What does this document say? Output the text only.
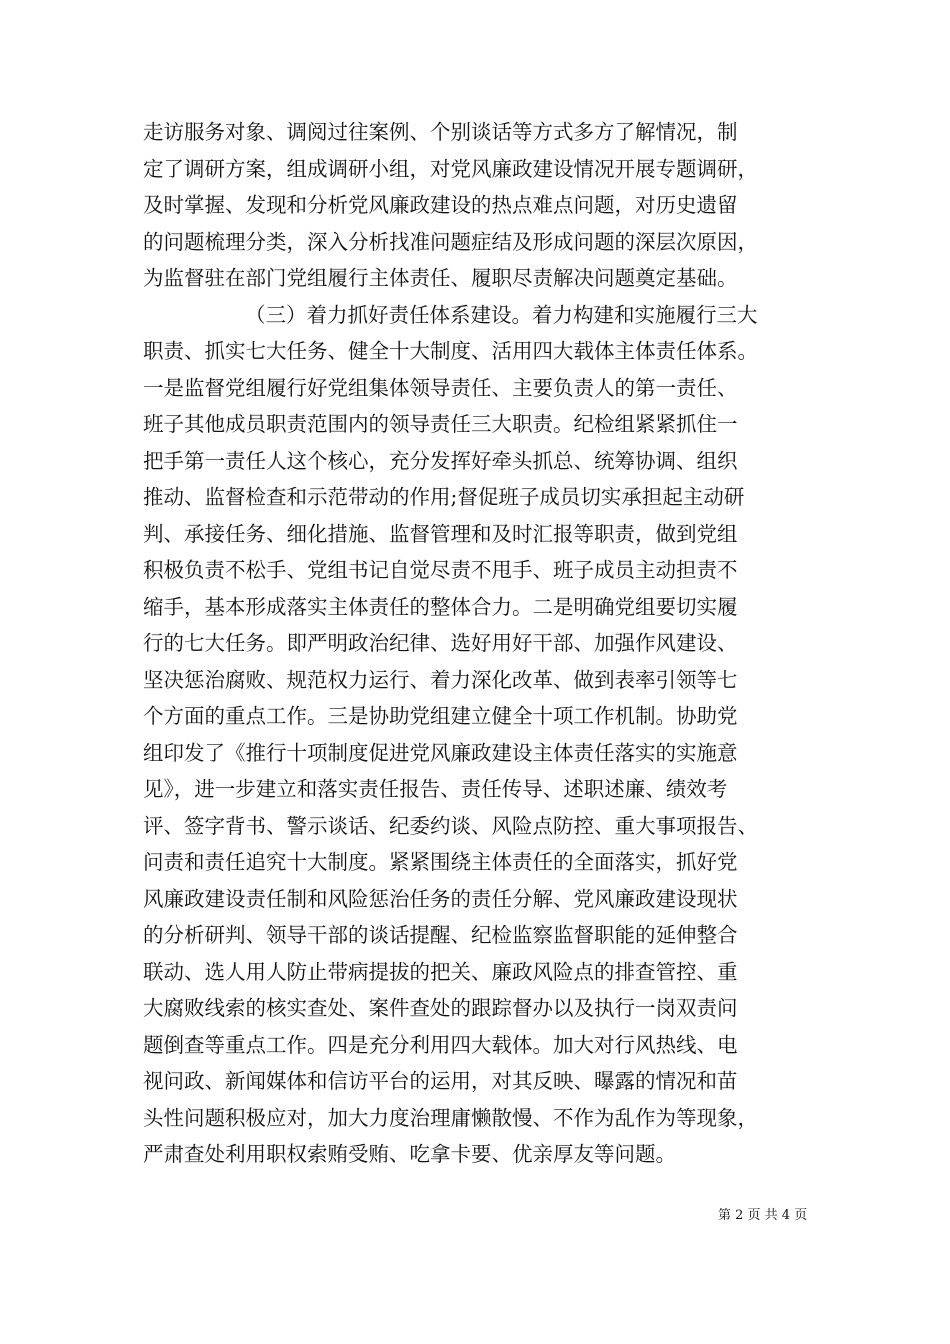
走访服务对象、调阅过往案例、个别谈话等方式多方了解情况，制
定了调研方案，组成调研小组，对党风廉政建设情况开展专题调研，
及时掌握、发现和分析党风廉政建设的热点难点问题，对历史遗留
的问题梳理分类，深入分析找准问题症结及形成问题的深层次原因，
为监督驻在部门党组履行主体责任、履职尽责解决问题奠定基础。
（三）着力抓好责任体系建设。着力构建和实施履行三大
职责、抓实七大任务、健全十大制度、活用四大载体主体责任体系。
一是监督党组履行好党组集体领导责任、主要负责人的第一责任、
班子其他成员职责范围内的领导责任三大职责。纪检组紧紧抓住一
把手第一责任人这个核心，充分发挥好牵头抓总、统筹协调、组织
推动、监督检查和示范带动的作用;督促班子成员切实承担起主动研
判、承接任务、细化措施、监督管理和及时汇报等职责，做到党组
积极负责不松手、党组书记自觉尽责不甩手、班子成员主动担责不
缩手，基本形成落实主体责任的整体合力。二是明确党组要切实履
行的七大任务。即严明政治纪律、选好用好干部、加强作风建设、
坚决惩治腐败、规范权力运行、着力深化改革、做到表率引领等七
个方面的重点工作。三是协助党组建立健全十项工作机制。协助党
组印发了《推行十项制度促进党风廉政建设主体责任落实的实施意
见》，进一步建立和落实责任报告、责任传导、述职述廉、绩效考
评、签字背书、警示谈话、纪委约谈、风险点防控、重大事项报告、
问责和责任追究十大制度。紧紧围绕主体责任的全面落实，抓好党
风廉政建设责任制和风险惩治任务的责任分解、党风廉政建设现状
的分析研判、领导干部的谈话提醒、纪检监察监督职能的延伸整合
联动、选人用人防止带病提拔的把关、廉政风险点的排查管控、重
大腐败线索的核实查处、案件查处的跟踪督办以及执行一岗双责问
题倒查等重点工作。四是充分利用四大载体。加大对行风热线、电
视问政、新闻媒体和信访平台的运用，对其反映、曝露的情况和苗
头性问题积极应对，加大力度治理庸懒散慢、不作为乱作为等现象，
严肃查处利用职权索贿受贿、吃拿卡要、优亲厚友等问题。
第 2 页 共 4 页
